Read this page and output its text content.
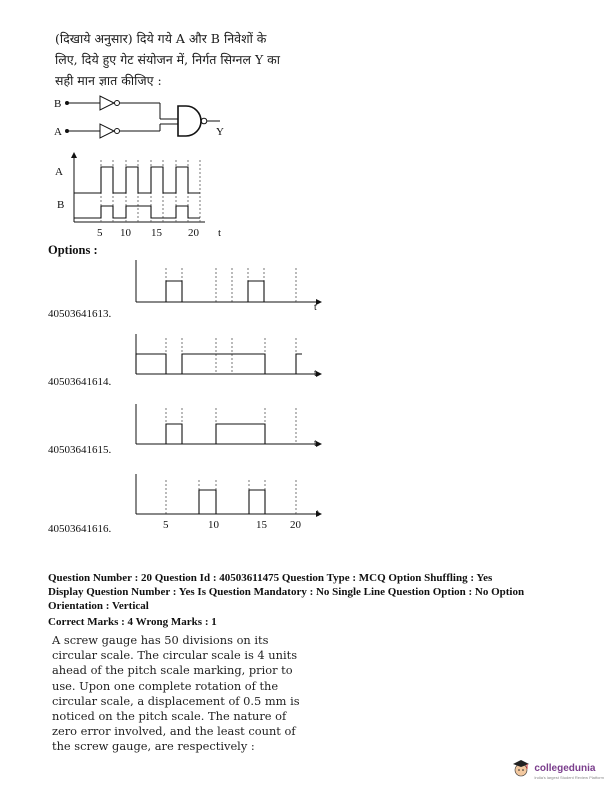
(दिखाये अनुसार) दिये गये A और B निवेशों के
लिए, दिये हुए गेट संयोजन में, निर्गत सिग्नल Y का
सही मान ज्ञात कीजिए :
B
A	Y
A
B
5 10 15 20 t
Options :
t
40503641613.
t
40503641614.
t
40503641615.
t
5	10	15 20
40503641616.
Question Number : 20 Question Id : 40503611475 Question Type : MCQ Option Shuffling : Yes
Display Question Number : Yes Is Question Mandatory : No Single Line Question Option : No Option
Orientation : Vertical
Correct Marks : 4 Wrong Marks : 1
A screw gauge has 50 divisions on its
circular scale. The circular scale is 4 units
ahead of the pitch scale marking, prior to
use. Upon one complete rotation of the
circular scale, a displacement of 0.5 mm is
noticed on the pitch scale. The nature of
zero error involved, and the least count of
the screw gauge, are respectively :
collegedunia
India's largest Student Review Platform
